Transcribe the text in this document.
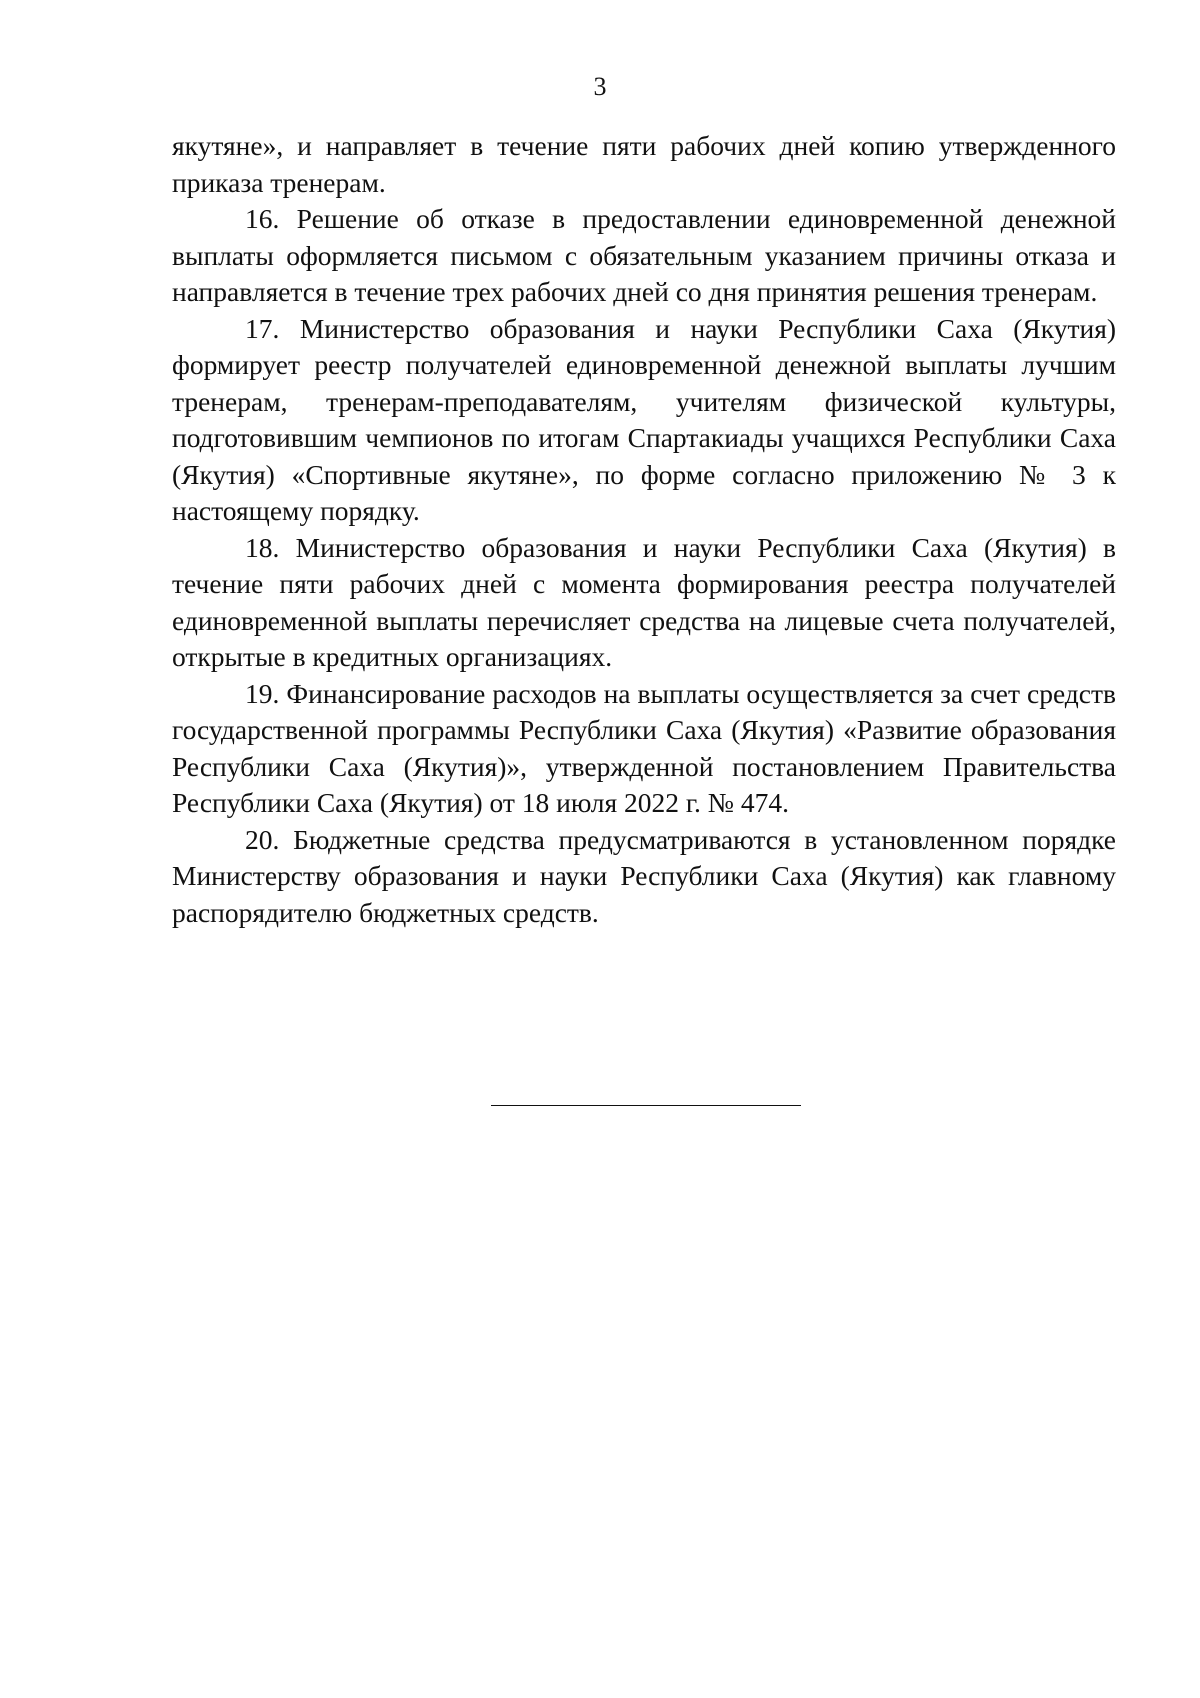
3

якутяне», и направляет в течение пяти рабочих дней копию утвержденного приказа тренерам.

16. Решение об отказе в предоставлении единовременной денежной выплаты оформляется письмом с обязательным указанием причины отказа и направляется в течение трех рабочих дней со дня принятия решения тренерам.

17. Министерство образования и науки Республики Саха (Якутия) формирует реестр получателей единовременной денежной выплаты лучшим тренерам, тренерам-преподавателям, учителям физической культуры, подготовившим чемпионов по итогам Спартакиады учащихся Республики Саха (Якутия) «Спортивные якутяне», по форме согласно приложению № 3 к настоящему порядку.

18. Министерство образования и науки Республики Саха (Якутия) в течение пяти рабочих дней с момента формирования реестра получателей единовременной выплаты перечисляет средства на лицевые счета получателей, открытые в кредитных организациях.

19. Финансирование расходов на выплаты осуществляется за счет средств государственной программы Республики Саха (Якутия) «Развитие образования Республики Саха (Якутия)», утвержденной постановлением Правительства Республики Саха (Якутия) от 18 июля 2022 г. № 474.

20. Бюджетные средства предусматриваются в установленном порядке Министерству образования и науки Республики Саха (Якутия) как главному распорядителю бюджетных средств.
